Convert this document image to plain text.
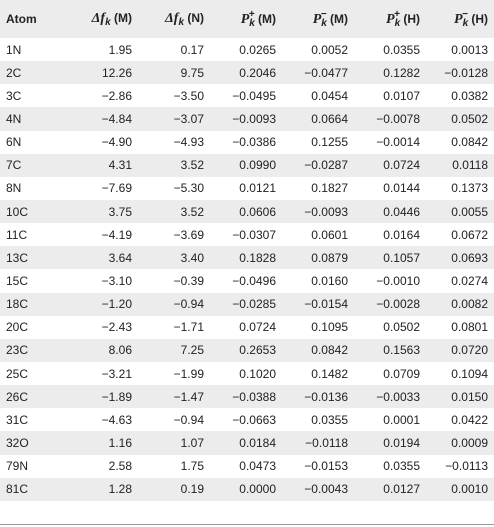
Atom	$\Delta f_k$ (M)	$\Delta f_k$ (N)	$P_k^+$ (M)	$P_k^-$ (M)	$P_k^+$ (H)	$P_k^-$ (H)
1N	1.95	0.17	0.0265	0.0052	0.0355	0.0013
2C	12.26	9.75	0.2046	−0.0477	0.1282	−0.0128
3C	−2.86	−3.50	−0.0495	0.0454	0.0107	0.0382
4N	−4.84	−3.07	−0.0093	0.0664	−0.0078	0.0502
6N	−4.90	−4.93	−0.0386	0.1255	−0.0014	0.0842
7C	4.31	3.52	0.0990	−0.0287	0.0724	0.0118
8N	−7.69	−5.30	0.0121	0.1827	0.0144	0.1373
10C	3.75	3.52	0.0606	−0.0093	0.0446	0.0055
11C	−4.19	−3.69	−0.0307	0.0601	0.0164	0.0672
13C	3.64	3.40	0.1828	0.0879	0.1057	0.0693
15C	−3.10	−0.39	−0.0496	0.0160	−0.0010	0.0274
18C	−1.20	−0.94	−0.0285	−0.0154	−0.0028	0.0082
20C	−2.43	−1.71	0.0724	0.1095	0.0502	0.0801
23C	8.06	7.25	0.2653	0.0842	0.1563	0.0720
25C	−3.21	−1.99	0.1020	0.1482	0.0709	0.1094
26C	−1.89	−1.47	−0.0388	−0.0136	−0.0033	0.0150
31C	−4.63	−0.94	−0.0663	0.0355	0.0001	0.0422
32O	1.16	1.07	0.0184	−0.0118	0.0194	0.0009
79N	2.58	1.75	0.0473	−0.0153	0.0355	−0.0113
81C	1.28	0.19	0.0000	−0.0043	0.0127	0.0010
